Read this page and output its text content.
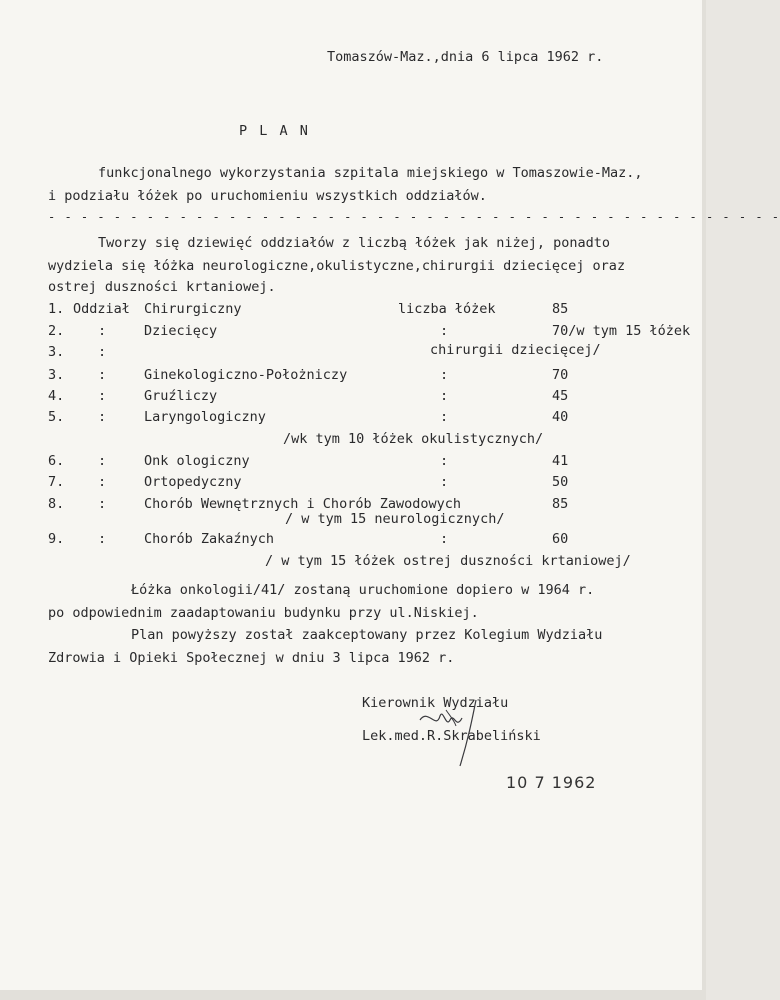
Tomaszów-Maz.,dnia 6 lipca 1962 r.
P L A N
funkcjonalnego wykorzystania szpitala miejskiego w Tomaszowie-Maz.,
i podziału łóżek po uruchomieniu wszystkich oddziałów.
- - - - - - - - - - - - - - - - - - - - - - - - - - - - - - - - - - - - - - - - - - - - -
Tworzy się dziewięć oddziałów z liczbą łóżek jak niżej, ponadto
wydziela się łóżka neurologiczne,okulistyczne,chirurgii dziecięcej oraz
ostrej duszności krtaniowej.
1. Oddział Chirurgiczny	liczba łóżek	85
2. :	Dziecięcy	:	70/w tym 15 łóżek
chirurgii dziecięcej/
3. :
3. :	Ginekologiczno-Położniczy	:	70
4. :	Gruźliczy	:	45
5. :	Laryngologiczny	:	40
/wk tym 10 łóżek okulistycznych/
6. :	Onk ologiczny	:	41
7. :	Ortopedyczny	:	50
8. :	Chorób Wewnętrznych i Chorób Zawodowych	85
/ w tym 15 neurologicznych/
9. :	Chorób Zakaźnych	:	60
/ w tym 15 łóżek ostrej duszności krtaniowej/
Łóżka onkologii/41/ zostaną uruchomione dopiero w 1964 r.
po odpowiednim zaadaptowaniu budynku przy ul.Niskiej.
Plan powyższy został zaakceptowany przez Kolegium Wydziału
Zdrowia i Opieki Społecznej w dniu 3 lipca 1962 r.
Kierownik Wydziału
Lek.med.R.Skrabeliński
10 7 1962
